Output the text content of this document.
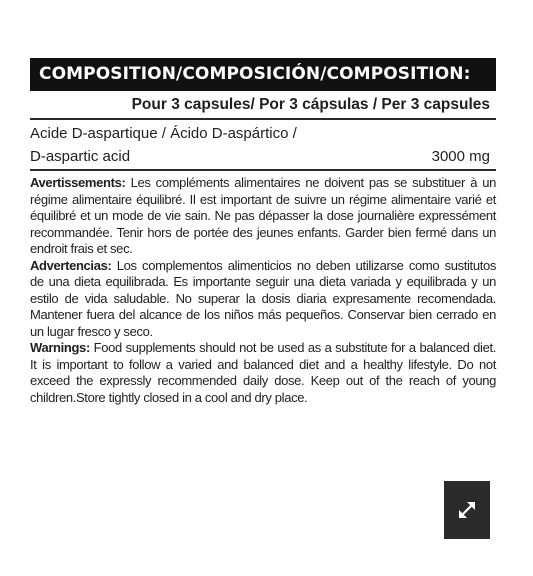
COMPOSITION/COMPOSICIÓN/COMPOSITION:
Pour 3 capsules/ Por 3 cápsulas / Per 3 capsules
Acide D-aspartique / Ácido D-aspártico /
D-aspartic acid	3000 mg

Avertissements: Les compléments alimentaires ne doivent pas se substituer à un régime alimentaire équilibré. Il est important de suivre un régime alimentaire varié et équilibré et un mode de vie sain. Ne pas dépasser la dose journalière expressément recommandée. Tenir hors de portée des jeunes enfants. Garder bien fermé dans un endroit frais et sec.

Advertencias: Los complementos alimenticios no deben utilizarse como sustitutos de una dieta equilibrada. Es importante seguir una dieta variada y equilibrada y un estilo de vida saludable. No superar la dosis diaria expresamente recomendada. Mantener fuera del alcance de los niños más pequeños. Conservar bien cerrado en un lugar fresco y seco.

Warnings: Food supplements should not be used as a substitute for a balanced diet. It is important to follow a varied and balanced diet and a healthy lifestyle. Do not exceed the expressly recommended daily dose. Keep out of the reach of young children.Store tightly closed in a cool and dry place.
